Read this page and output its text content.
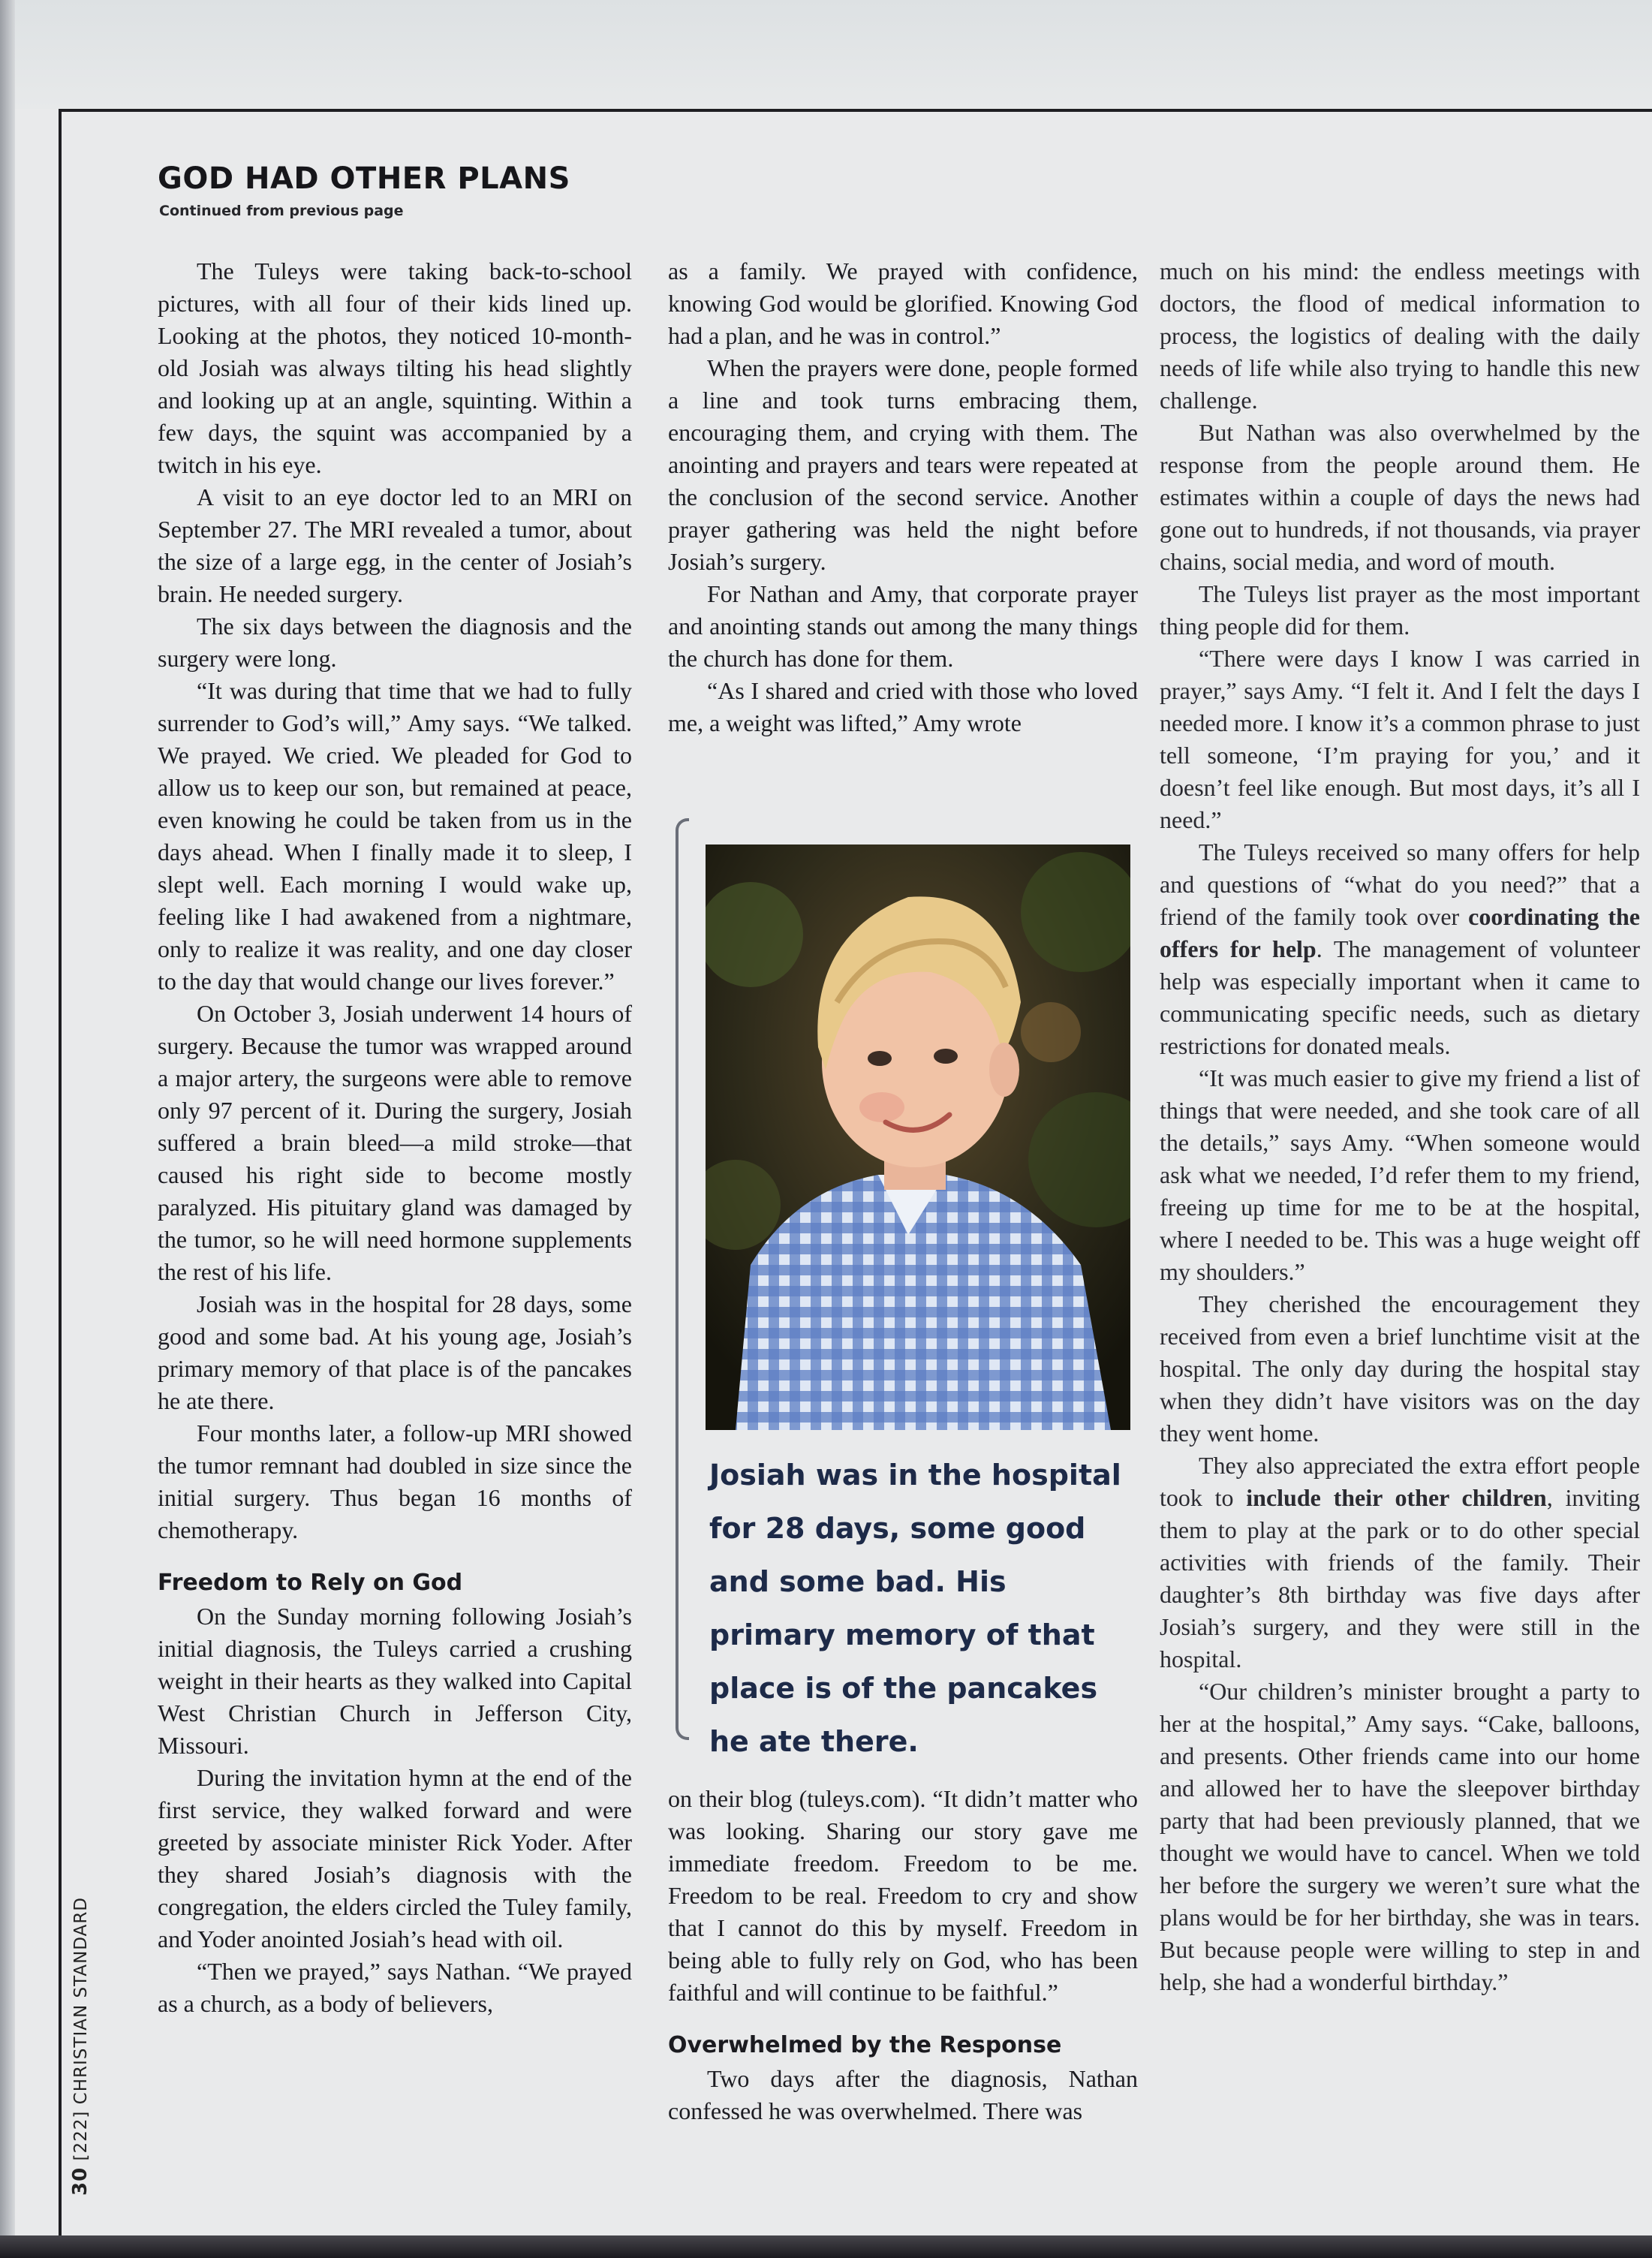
GOD HAD OTHER PLANS
Continued from previous page

The Tuleys were taking back-to-school pictures, with all four of their kids lined up. Looking at the photos, they noticed 10-month-old Josiah was always tilting his head slightly and looking up at an angle, squinting. Within a few days, the squint was accompanied by a twitch in his eye.

A visit to an eye doctor led to an MRI on September 27. The MRI revealed a tumor, about the size of a large egg, in the center of Josiah’s brain. He needed surgery.

The six days between the diagnosis and the surgery were long.

“It was during that time that we had to fully surrender to God’s will,” Amy says. “We talked. We prayed. We cried. We pleaded for God to allow us to keep our son, but remained at peace, even knowing he could be taken from us in the days ahead. When I finally made it to sleep, I slept well. Each morning I would wake up, feeling like I had awakened from a nightmare, only to realize it was reality, and one day closer to the day that would change our lives forever.”

On October 3, Josiah underwent 14 hours of surgery. Because the tumor was wrapped around a major artery, the surgeons were able to remove only 97 percent of it. During the surgery, Josiah suffered a brain bleed—a mild stroke—that caused his right side to become mostly paralyzed. His pituitary gland was damaged by the tumor, so he will need hormone supplements the rest of his life.

Josiah was in the hospital for 28 days, some good and some bad. At his young age, Josiah’s primary memory of that place is of the pancakes he ate there.

Four months later, a follow-up MRI showed the tumor remnant had doubled in size since the initial surgery. Thus began 16 months of chemotherapy.

Freedom to Rely on God

On the Sunday morning following Josiah’s initial diagnosis, the Tuleys carried a crushing weight in their hearts as they walked into Capital West Christian Church in Jefferson City, Missouri.

During the invitation hymn at the end of the first service, they walked forward and were greeted by associate minister Rick Yoder. After they shared Josiah’s diagnosis with the congregation, the elders circled the Tuley family, and Yoder anointed Josiah’s head with oil.

“Then we prayed,” says Nathan. “We prayed as a church, as a body of believers,

as a family. We prayed with confidence, knowing God would be glorified. Knowing God had a plan, and he was in control.”

When the prayers were done, people formed a line and took turns embracing them, encouraging them, and crying with them. The anointing and prayers and tears were repeated at the conclusion of the second service. Another prayer gathering was held the night before Josiah’s surgery.

For Nathan and Amy, that corporate prayer and anointing stands out among the many things the church has done for them.

“As I shared and cried with those who loved me, a weight was lifted,” Amy wrote

Josiah was in the hospital for 28 days, some good and some bad. His primary memory of that place is of the pancakes he ate there.

on their blog (tuleys.com). “It didn’t matter who was looking. Sharing our story gave me immediate freedom. Freedom to be me. Freedom to be real. Freedom to cry and show that I cannot do this by myself. Freedom in being able to fully rely on God, who has been faithful and will continue to be faithful.”

Overwhelmed by the Response

Two days after the diagnosis, Nathan confessed he was overwhelmed. There was

much on his mind: the endless meetings with doctors, the flood of medical information to process, the logistics of dealing with the daily needs of life while also trying to handle this new challenge.

But Nathan was also overwhelmed by the response from the people around them. He estimates within a couple of days the news had gone out to hundreds, if not thousands, via prayer chains, social media, and word of mouth.

The Tuleys list prayer as the most important thing people did for them.

“There were days I know I was carried in prayer,” says Amy. “I felt it. And I felt the days I needed more. I know it’s a common phrase to just tell someone, ‘I’m praying for you,’ and it doesn’t feel like enough. But most days, it’s all I need.”

The Tuleys received so many offers for help and questions of “what do you need?” that a friend of the family took over coordinating the offers for help. The management of volunteer help was especially important when it came to communicating specific needs, such as dietary restrictions for donated meals.

“It was much easier to give my friend a list of things that were needed, and she took care of all the details,” says Amy. “When someone would ask what we needed, I’d refer them to my friend, freeing up time for me to be at the hospital, where I needed to be. This was a huge weight off my shoulders.”

They cherished the encouragement they received from even a brief lunchtime visit at the hospital. The only day during the hospital stay when they didn’t have visitors was on the day they went home.

They also appreciated the extra effort people took to include their other children, inviting them to play at the park or to do other special activities with friends of the family. Their daughter’s 8th birthday was five days after Josiah’s surgery, and they were still in the hospital.

“Our children’s minister brought a party to her at the hospital,” Amy says. “Cake, balloons, and presents. Other friends came into our home and allowed her to have the sleepover birthday party that had been previously planned, that we thought we would have to cancel. When we told her before the surgery we weren’t sure what the plans would be for her birthday, she was in tears. But because people were willing to step in and help, she had a wonderful birthday.”

30 [222] CHRISTIAN STANDARD
